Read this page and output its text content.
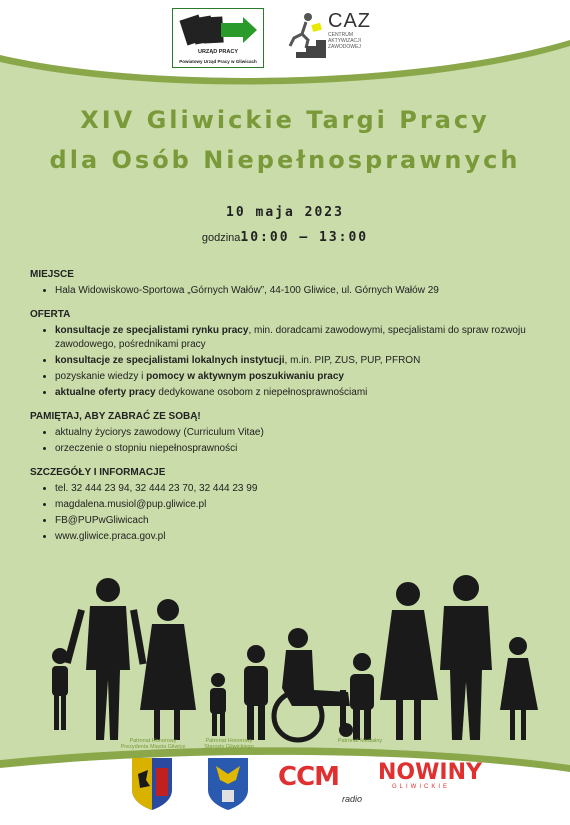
URZĄD PRACY
Powiatowy Urząd Pracy w Gliwicach
CAZ
CENTRUM
AKTYWIZACJI
ZAWODOWEJ
XIV Gliwickie Targi Pracy
dla Osób Niepełnosprawnych
10 maja 2023
godzina10:00 – 13:00

MIEJSCE

• Hala Widowiskowo-Sportowa „Górnych Wałów”, 44-100 Gliwice, ul. Górnych Wałów 29

OFERTA

• konsultacje ze specjalistami rynku pracy, min. doradcami zawodowymi, specjalistami do spraw rozwoju zawodowego, pośrednikami pracy
• konsultacje ze specjalistami lokalnych instytucji, m.in. PIP, ZUS, PUP, PFRON
• pozyskanie wiedzy i pomocy w aktywnym poszukiwaniu pracy
• aktualne oferty pracy dedykowane osobom z niepełnosprawnościami

PAMIĘTAJ, ABY ZABRAĆ ZE SOBĄ!

• aktualny życiorys zawodowy (Curriculum Vitae)
• orzeczenie o stopniu niepełnosprawności

SZCZEGÓŁY I INFORMACJE

• tel. 32 444 23 94, 32 444 23 70, 32 444 23 99
• magdalena.musiol@pup.gliwice.pl
• FB@PUPwGliwicach
• www.gliwice.praca.gov.pl
Patronat Honorowy
Prezydenta Miasta Gliwice
Patronat Honorowy
Starosty Gliwickiego
Patronat Medialny
CCM
radio
NOWINY
GLIWICKIE
